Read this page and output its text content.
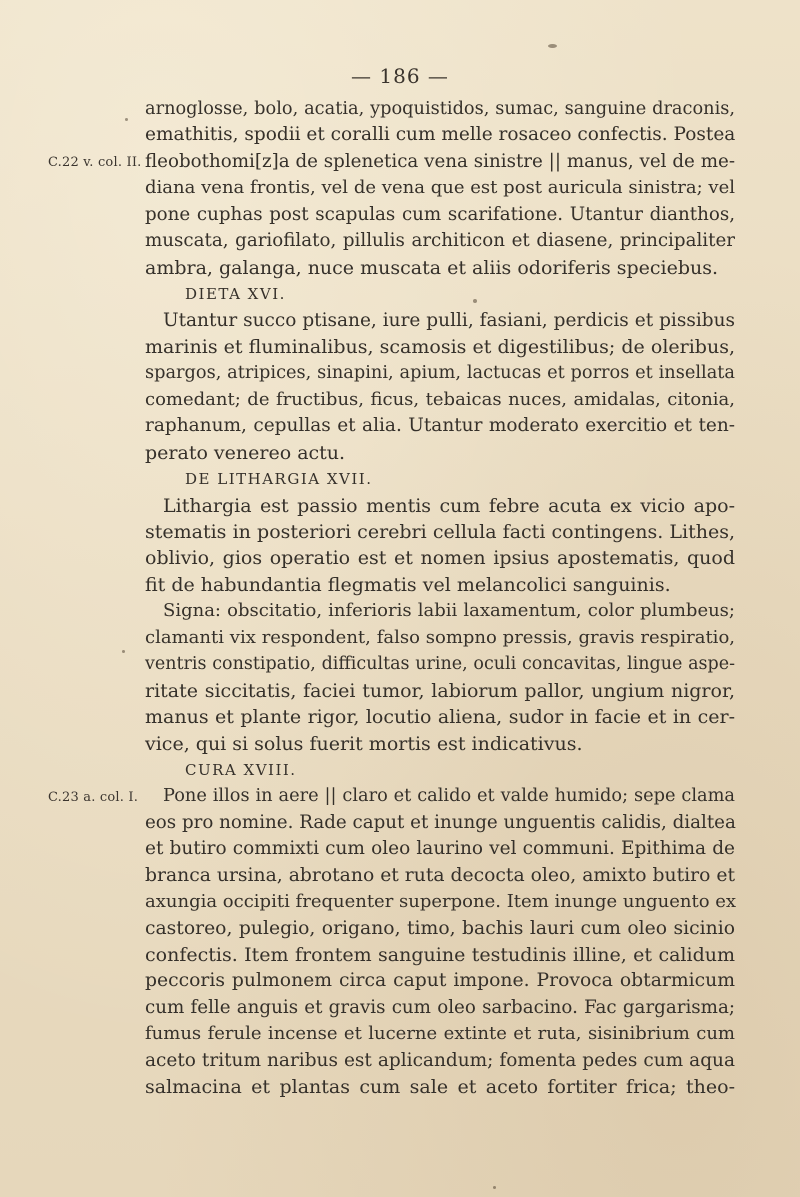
— 186 —
arnoglosse, bolo, acatia, ypoquistidos, sumac, sanguine draconis,
emathitis, spodii et coralli cum melle rosaceo confectis. Postea
fleobothomi[z]a de splenetica vena sinistre || manus, vel de me-
diana vena frontis, vel de vena que est post auricula sinistra; vel
pone cuphas post scapulas cum scarifatione. Utantur dianthos,
muscata, gariofilato, pillulis architicon et diasene, principaliter
ambra, galanga, nuce muscata et aliis odoriferis speciebus.
DIETA XVI.
Utantur succo ptisane, iure pulli, fasiani, perdicis et pissibus
marinis et fluminalibus, scamosis et digestilibus; de oleribus,
spargos, atripices, sinapini, apium, lactucas et porros et insellata
comedant; de fructibus, ficus, tebaicas nuces, amidalas, citonia,
raphanum, cepullas et alia. Utantur moderato exercitio et ten-
perato venereo actu.
DE LITHARGIA XVII.
Lithargia est passio mentis cum febre acuta ex vicio apo-
stematis in posteriori cerebri cellula facti contingens. Lithes,
oblivio, gios operatio est et nomen ipsius apostematis, quod
fit de habundantia flegmatis vel melancolici sanguinis.
Signa: obscitatio, inferioris labii laxamentum, color plumbeus;
clamanti vix respondent, falso sompno pressis, gravis respiratio,
ventris constipatio, difficultas urine, oculi concavitas, lingue aspe-
ritate siccitatis, faciei tumor, labiorum pallor, ungium nigror,
manus et plante rigor, locutio aliena, sudor in facie et in cer-
vice, qui si solus fuerit mortis est indicativus.
CURA XVIII.
Pone illos in aere || claro et calido et valde humido; sepe clama
eos pro nomine. Rade caput et inunge unguentis calidis, dialtea
et butiro commixti cum oleo laurino vel communi. Epithima de
branca ursina, abrotano et ruta decocta oleo, amixto butiro et
axungia occipiti frequenter superpone. Item inunge unguento ex
castoreo, pulegio, origano, timo, bachis lauri cum oleo sicinio
confectis. Item frontem sanguine testudinis illine, et calidum
peccoris pulmonem circa caput impone. Provoca obtarmicum
cum felle anguis et gravis cum oleo sarbacino. Fac gargarisma;
fumus ferule incense et lucerne extinte et ruta, sisinibrium cum
aceto tritum naribus est aplicandum; fomenta pedes cum aqua
salmacina et plantas cum sale et aceto fortiter frica; theo-
C.22 v. col. II.
C.23 a. col. I.
